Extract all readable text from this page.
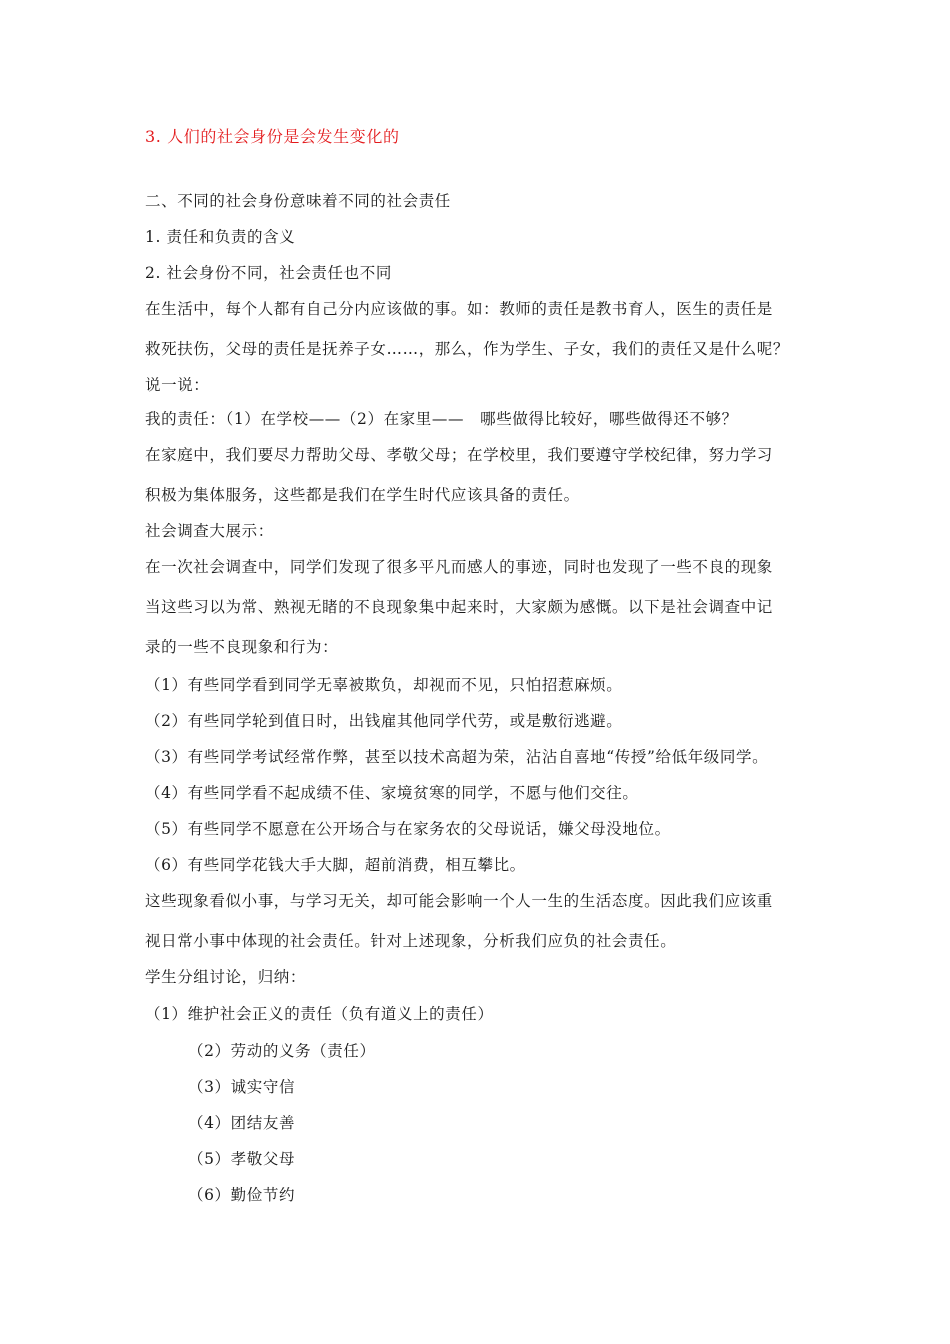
3. 人们的社会身份是会发生变化的
二、不同的社会身份意味着不同的社会责任
1. 责任和负责的含义
2. 社会身份不同，社会责任也不同
在生活中，每个人都有自己分内应该做的事。如：教师的责任是教书育人，医生的责任是
救死扶伤，父母的责任是抚养子女……，那么，作为学生、子女，我们的责任又是什么呢？
说一说：
我的责任：（1）在学校——（2）在家里——　哪些做得比较好，哪些做得还不够？
在家庭中，我们要尽力帮助父母、孝敬父母；在学校里，我们要遵守学校纪律，努力学习
积极为集体服务，这些都是我们在学生时代应该具备的责任。
社会调查大展示：
在一次社会调查中，同学们发现了很多平凡而感人的事迹，同时也发现了一些不良的现象
当这些习以为常、熟视无睹的不良现象集中起来时，大家颇为感慨。以下是社会调查中记
录的一些不良现象和行为：
（1）有些同学看到同学无辜被欺负，却视而不见，只怕招惹麻烦。
（2）有些同学轮到值日时，出钱雇其他同学代劳，或是敷衍逃避。
（3）有些同学考试经常作弊，甚至以技术高超为荣，沾沾自喜地“传授”给低年级同学。
（4）有些同学看不起成绩不佳、家境贫寒的同学，不愿与他们交往。
（5）有些同学不愿意在公开场合与在家务农的父母说话，嫌父母没地位。
（6）有些同学花钱大手大脚，超前消费，相互攀比。
这些现象看似小事，与学习无关，却可能会影响一个人一生的生活态度。因此我们应该重
视日常小事中体现的社会责任。针对上述现象，分析我们应负的社会责任。
学生分组讨论，归纳：
（1）维护社会正义的责任（负有道义上的责任）
（2）劳动的义务（责任）
（3）诚实守信
（4）团结友善
（5）孝敬父母
（6）勤俭节约
